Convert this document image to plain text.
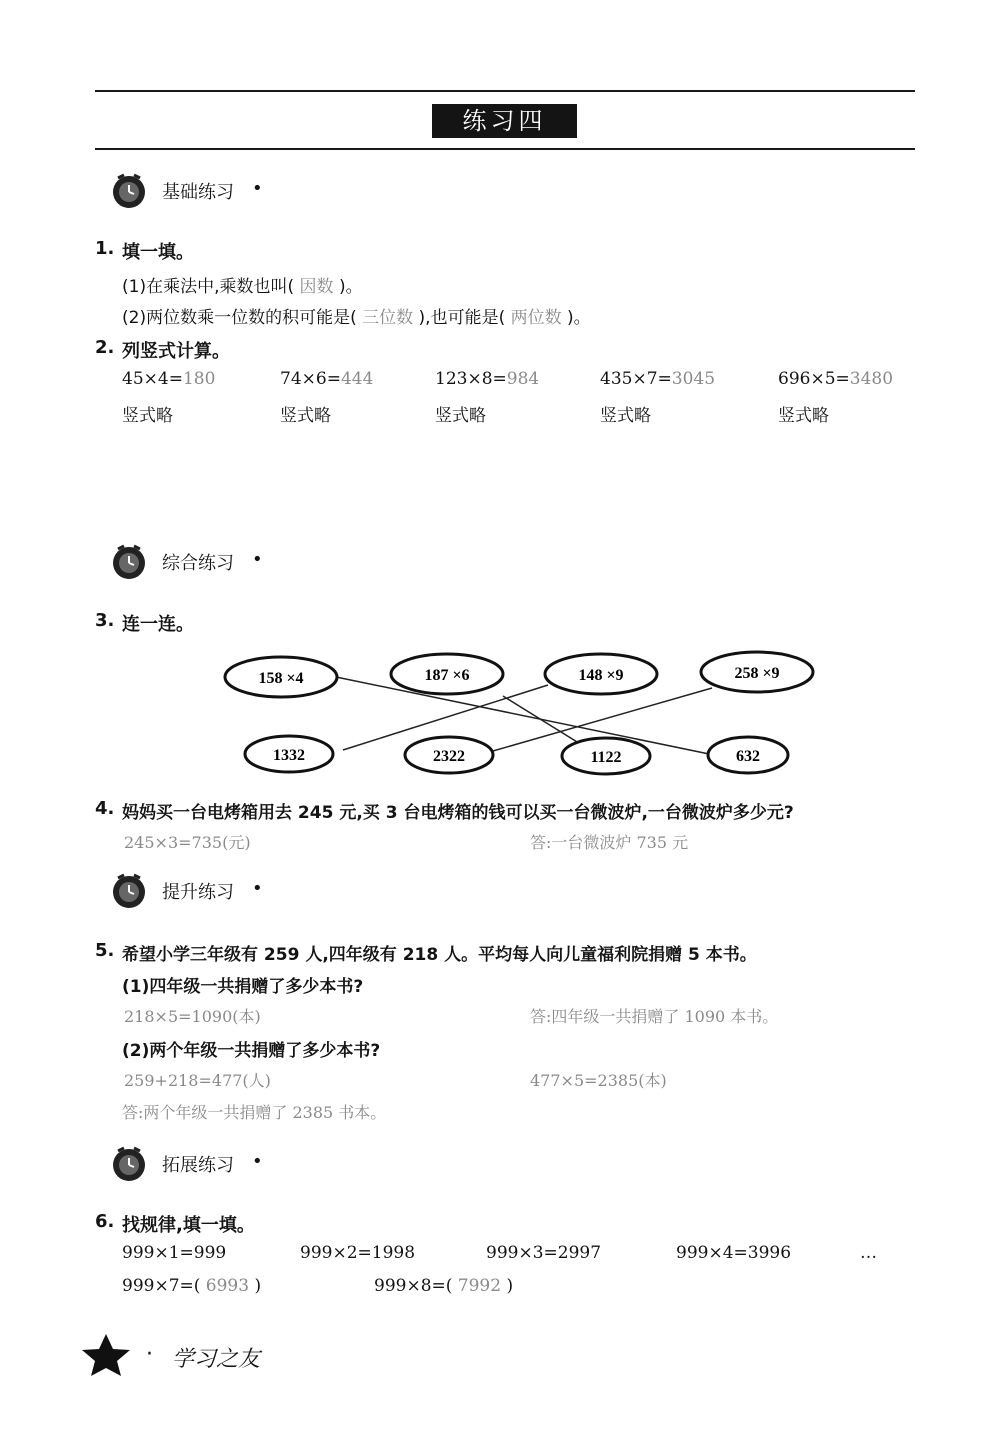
练习四
基础练习 •
1. 填一填。
(1)在乘法中,乘数也叫( 因数 )。
(2)两位数乘一位数的积可能是( 三位数 ),也可能是( 两位数 )。
2. 列竖式计算。
45×4=180	74×6=444	123×8=984	435×7=3045	696×5=3480
竖式略	竖式略	竖式略	竖式略	竖式略
综合练习 •
3. 连一连。
158 ×4	187 ×6	148 ×9	258 ×9
1332	2322	1122	632
4. 妈妈买一台电烤箱用去 245 元,买 3 台电烤箱的钱可以买一台微波炉,一台微波炉多少元?
245×3=735(元)	答:一台微波炉 735 元
提升练习 •
5. 希望小学三年级有 259 人,四年级有 218 人。平均每人向儿童福利院捐赠 5 本书。
(1)四年级一共捐赠了多少本书?
218×5=1090(本)	答:四年级一共捐赠了 1090 本书。
(2)两个年级一共捐赠了多少本书?
259+218=477(人)	477×5=2385(本)
答:两个年级一共捐赠了 2385 书本。
拓展练习 •
6. 找规律,填一填。
999×1=999	999×2=1998	999×3=2997	999×4=3996	…
999×7=( 6993 )	999×8=( 7992 )
· 学习之友
